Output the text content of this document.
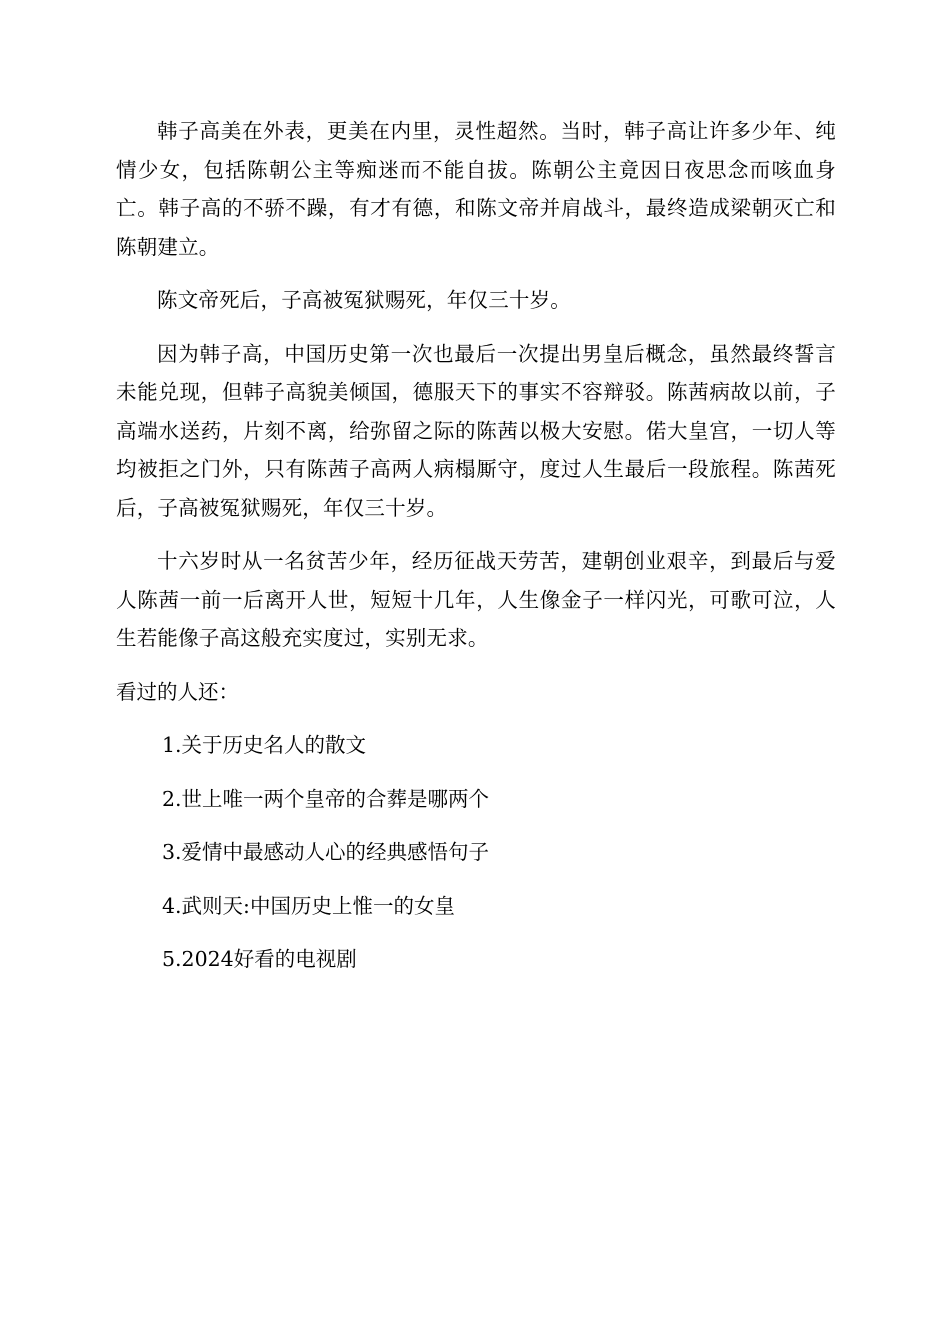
韩子高美在外表，更美在内里，灵性超然。当时，韩子高让许多少年、纯情少女，包括陈朝公主等痴迷而不能自拔。陈朝公主竟因日夜思念而咳血身亡。韩子高的不骄不躁，有才有德，和陈文帝并肩战斗，最终造成梁朝灭亡和陈朝建立。

陈文帝死后，子高被冤狱赐死，年仅三十岁。

因为韩子高，中国历史第一次也最后一次提出男皇后概念，虽然最终誓言未能兑现，但韩子高貌美倾国，德服天下的事实不容辩驳。陈茜病故以前，子高端水送药，片刻不离，给弥留之际的陈茜以极大安慰。偌大皇宫，一切人等均被拒之门外，只有陈茜子高两人病榻厮守，度过人生最后一段旅程。陈茜死后，子高被冤狱赐死，年仅三十岁。

十六岁时从一名贫苦少年，经历征战天劳苦，建朝创业艰辛，到最后与爱人陈茜一前一后离开人世，短短十几年，人生像金子一样闪光，可歌可泣，人生若能像子高这般充实度过，实别无求。

看过的人还：
1.关于历史名人的散文
2.世上唯一两个皇帝的合葬是哪两个
3.爱情中最感动人心的经典感悟句子
4.武则天:中国历史上惟一的女皇
5.2024好看的电视剧
